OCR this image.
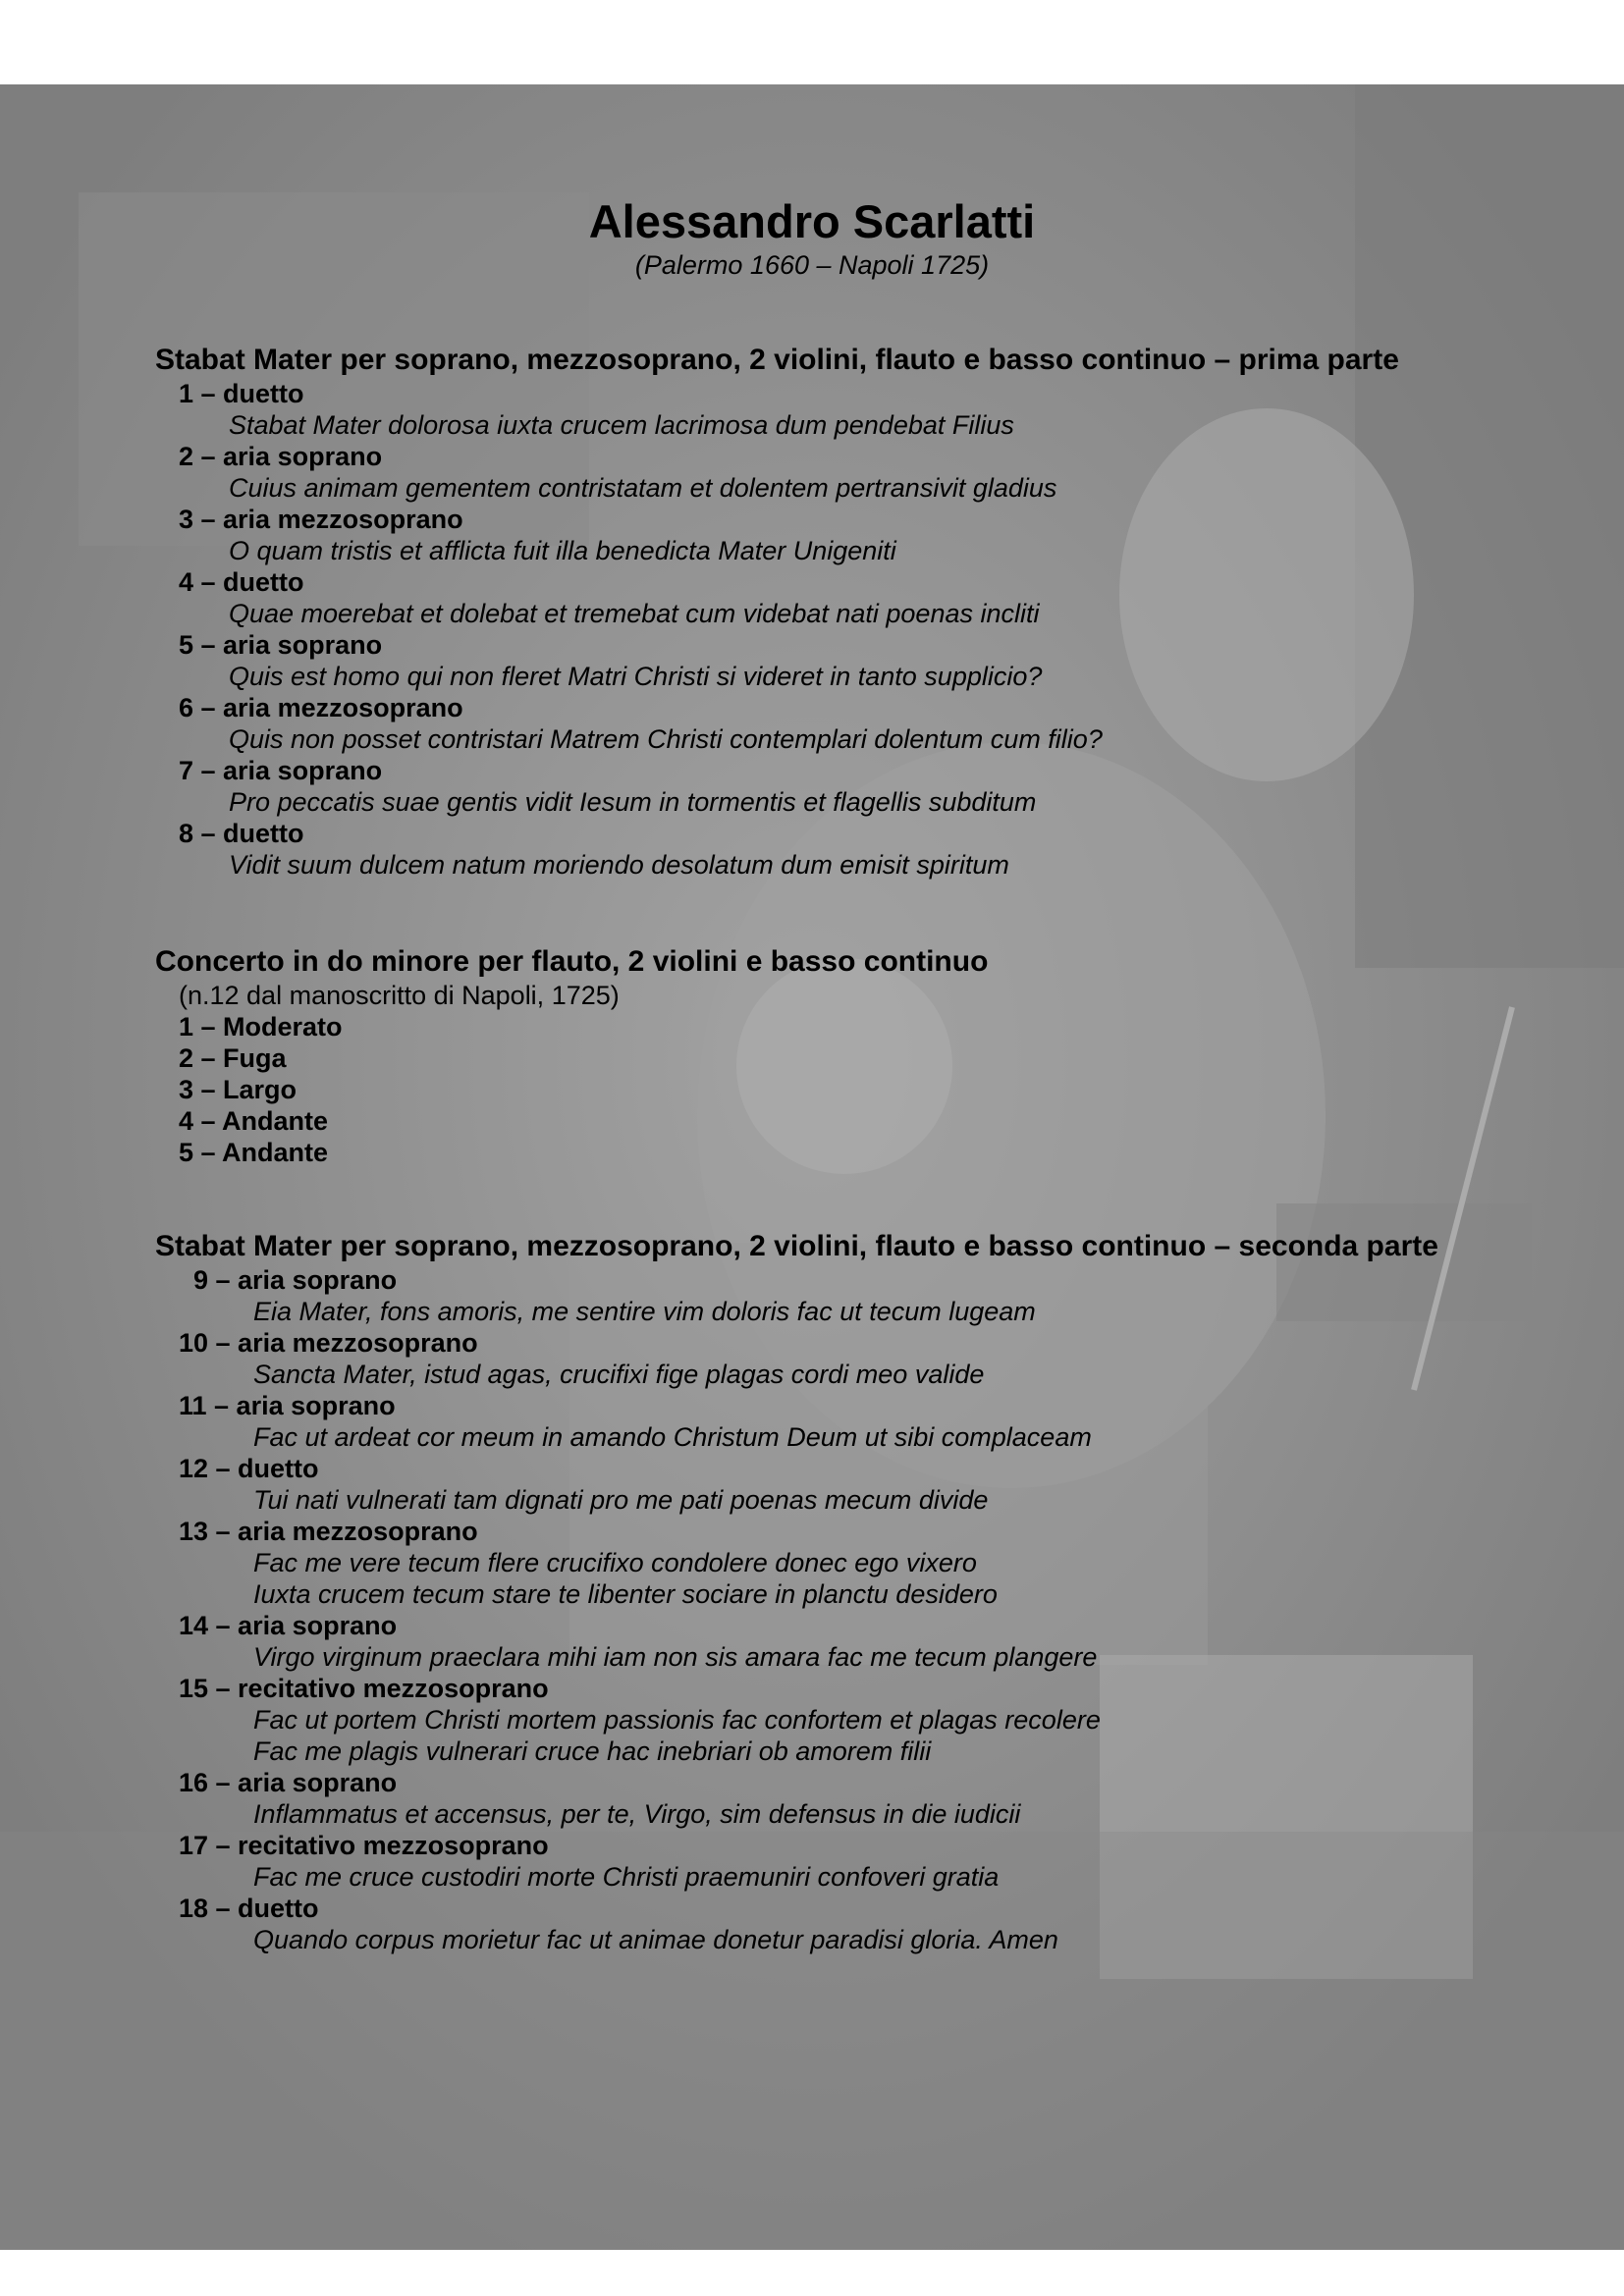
Alessandro Scarlatti
(Palermo 1660 – Napoli 1725)
Stabat Mater per soprano, mezzosoprano, 2 violini, flauto e basso continuo – prima parte
1 – duetto
Stabat Mater dolorosa iuxta crucem lacrimosa dum pendebat Filius
2 – aria soprano
Cuius animam gementem contristatam et dolentem pertransivit gladius
3 – aria mezzosoprano
O quam tristis et afflicta fuit illa benedicta Mater Unigeniti
4 – duetto
Quae moerebat et dolebat et tremebat cum videbat nati poenas incliti
5 – aria soprano
Quis est homo qui non fleret Matri Christi si videret in tanto supplicio?
6 – aria mezzosoprano
Quis non posset contristari Matrem Christi contemplari dolentum cum filio?
7 – aria soprano
Pro peccatis suae gentis vidit Iesum in tormentis et flagellis subditum
8 – duetto
Vidit suum dulcem natum moriendo desolatum dum emisit spiritum
Concerto in do minore per flauto, 2 violini e basso continuo
(n.12 dal manoscritto di Napoli, 1725)
1 – Moderato
2 – Fuga
3 – Largo
4 – Andante
5 – Andante
Stabat Mater per soprano, mezzosoprano, 2 violini, flauto e basso continuo – seconda parte
9 – aria soprano
Eia Mater, fons amoris, me sentire vim doloris fac ut tecum lugeam
10 – aria mezzosoprano
Sancta Mater, istud agas, crucifixi fige plagas cordi meo valide
11 – aria soprano
Fac ut ardeat cor meum in amando Christum Deum ut sibi complaceam
12 – duetto
Tui nati vulnerati tam dignati pro me pati poenas mecum divide
13 – aria mezzosoprano
Fac me vere tecum flere crucifixo condolere donec ego vixero
Iuxta crucem tecum stare te libenter sociare in planctu desidero
14 – aria soprano
Virgo virginum praeclara mihi iam non sis amara fac me tecum plangere
15 – recitativo mezzosoprano
Fac ut portem Christi mortem passionis fac confortem et plagas recolere
Fac me plagis vulnerari cruce hac inebriari ob amorem filii
16 – aria soprano
Inflammatus et accensus, per te, Virgo, sim defensus in die iudicii
17 – recitativo mezzosoprano
Fac me cruce custodiri morte Christi praemuniri confoveri gratia
18 – duetto
Quando corpus morietur fac ut animae donetur paradisi gloria. Amen
